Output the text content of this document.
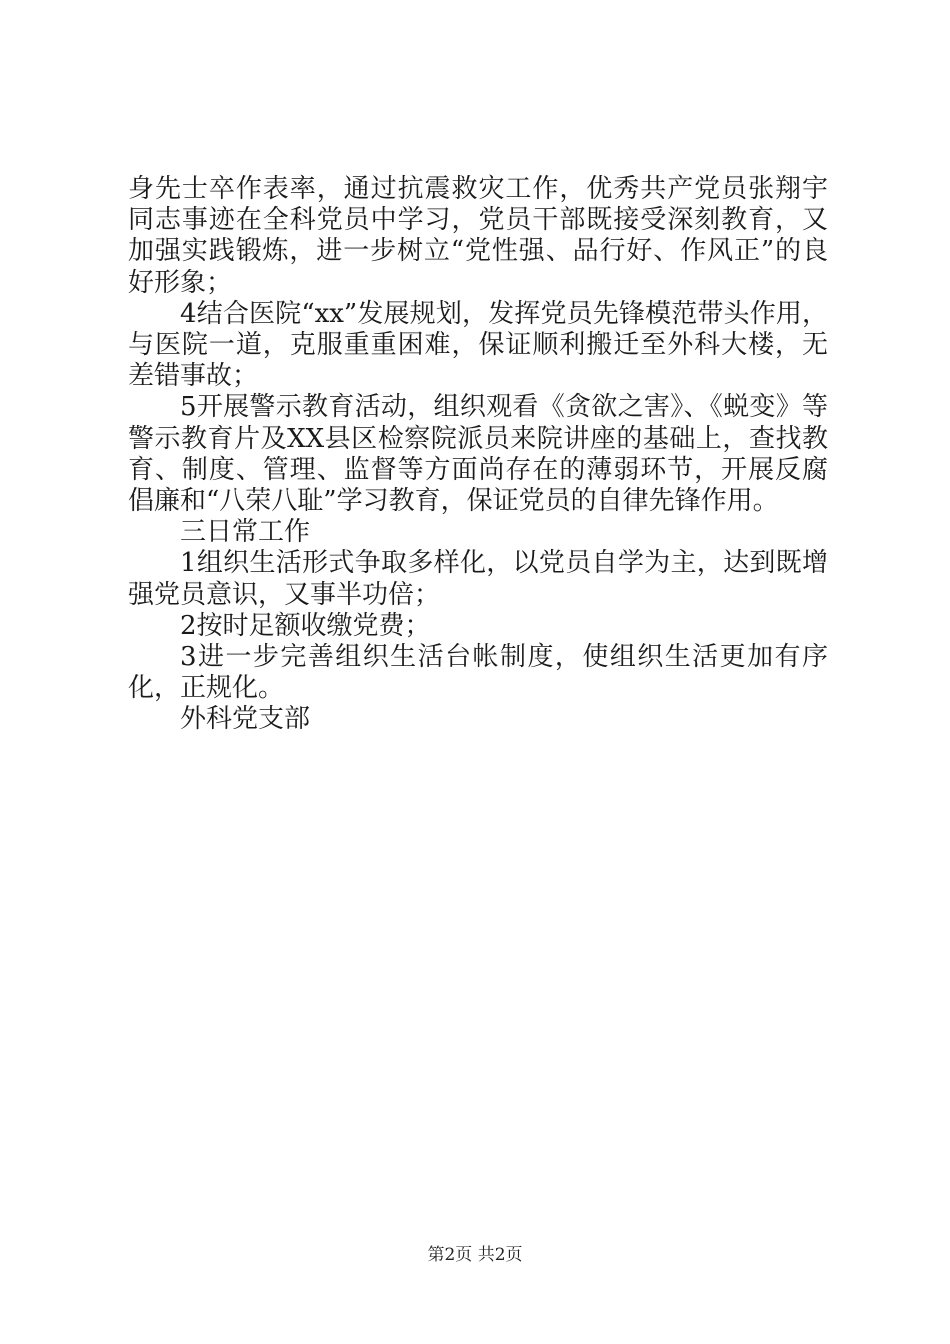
身先士卒作表率，通过抗震救灾工作，优秀共产党员张翔宇同志事迹在全科党员中学习，党员干部既接受深刻教育，又加强实践锻炼，进一步树立“党性强、品行好、作风正”的良好形象；

4结合医院“xx”发展规划，发挥党员先锋模范带头作用，与医院一道，克服重重困难，保证顺利搬迁至外科大楼，无差错事故；

5开展警示教育活动，组织观看《贪欲之害》、《蜕变》等警示教育片及XX县区检察院派员来院讲座的基础上，查找教育、制度、管理、监督等方面尚存在的薄弱环节，开展反腐倡廉和“八荣八耻”学习教育，保证党员的自律先锋作用。

三日常工作

1组织生活形式争取多样化，以党员自学为主，达到既增强党员意识，又事半功倍；

2按时足额收缴党费；

3进一步完善组织生活台帐制度，使组织生活更加有序化，正规化。

外科党支部

第2页 共2页
